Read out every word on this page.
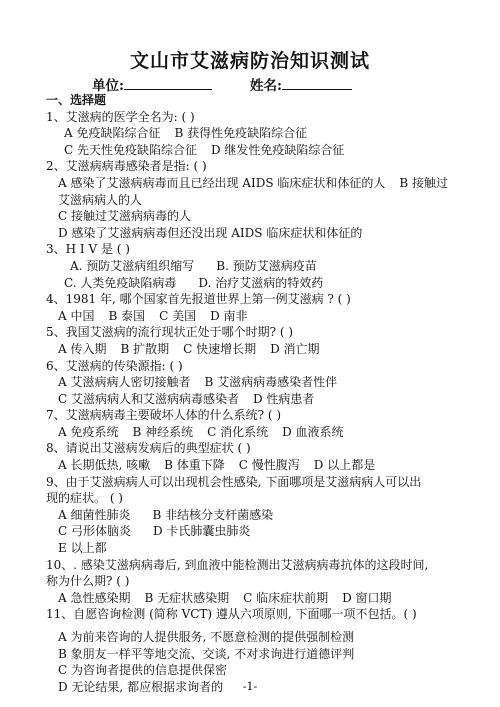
文山市艾滋病防治知识测试
单位:	姓名:
一、选择题
1、艾滋病的医学全名为: ( )
A 免疫缺陷综合征 B 获得性免疫缺陷综合征
C 先天性免疫缺陷综合征 D 继发性免疫缺陷综合征
2、艾滋病病毒感染者是指: ( )
A 感染了艾滋病病毒而且已经出现 AIDS 临床症状和体征的人 B 接触过
艾滋病病人的人
C 接触过艾滋病病毒的人
D 感染了艾滋病病毒但还没出现 AIDS 临床症状和体征的
3、H I V 是 ( )
A. 预防艾滋病组织缩写 B. 预防艾滋病疫苗
C. 人类免疫缺陷病毒 D. 治疗艾滋病的特效药
4、1981 年, 哪个国家首先报道世界上第一例艾滋病 ? ( )
A 中国 B 泰国 C 美国 D 南非
5、我国艾滋病的流行现状正处于哪个时期? ( )
A 传入期 B 扩散期 C 快速增长期 D 消亡期
6、艾滋病的传染源指: ( )
A 艾滋病病人密切接触者 B 艾滋病病毒感染者性伴
C 艾滋病病人和艾滋病病毒感染者 D 性病患者
7、艾滋病病毒主要破坏人体的什么系统? ( )
A 免疫系统 B 神经系统 C 消化系统 D 血液系统
8、请说出艾滋病发病后的典型症状 ( )
A 长期低热, 咳嗽 B 体重下降 C 慢性腹泻 D 以上都是
9、由于艾滋病病人可以出现机会性感染, 下面哪项是艾滋病病人可以出
现的症状。 ( )
A 细菌性肺炎 B 非结核分支杆菌感染
C 弓形体脑炎 D 卡氏肺囊虫肺炎
E 以上都
10、. 感染艾滋病病毒后, 到血液中能检测出艾滋病病毒抗体的这段时间,
称为什么期? ( )
A 急性感染期 B 无症状感染期 C 临床症状前期 D 窗口期
11、自愿咨询检测 (简称 VCT) 遵从六项原则, 下面哪一项不包括。( )
A 为前来咨询的人提供服务, 不愿意检测的提供强制检测
B 象朋友一样平等地交流、交谈, 不对求询进行道德评判
C 为咨询者提供的信息提供保密
D 无论结果, 都应根据求询者的	-1-
